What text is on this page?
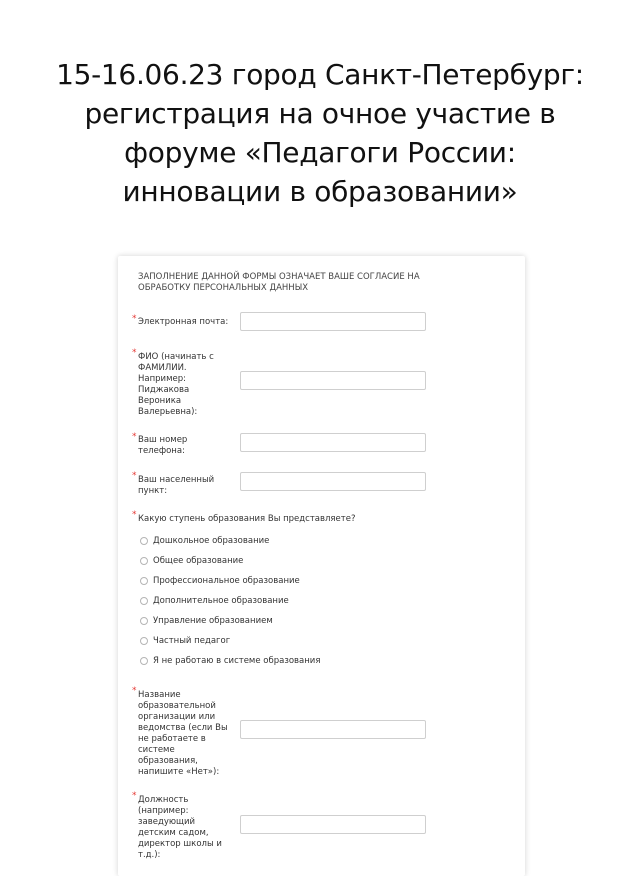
15-16.06.23 город Санкт-Петербург:
регистрация на очное участие в
форуме «Педагоги России:
инновации в образовании»
ЗАПОЛНЕНИЕ ДАННОЙ ФОРМЫ ОЗНАЧАЕТ ВАШЕ СОГЛАСИЕ НА
ОБРАБОТКУ ПЕРСОНАЛЬНЫХ ДАННЫХ
* Электронная почта:
* ФИО (начинать с
ФАМИЛИИ.
Например:
Пиджакова
Вероника
Валерьевна):
* Ваш номер
телефона:
* Ваш населенный
пункт:
* Какую ступень образования Вы представляете?
Дошкольное образование
Общее образование
Профессиональное образование
Дополнительное образование
Управление образованием
Частный педагог
Я не работаю в системе образования
* Название
образовательной
организации или
ведомства (если Вы
не работаете в
системе
образования,
напишите «Нет»):
* Должность
(например:
заведующий
детским садом,
директор школы и
т.д.):
